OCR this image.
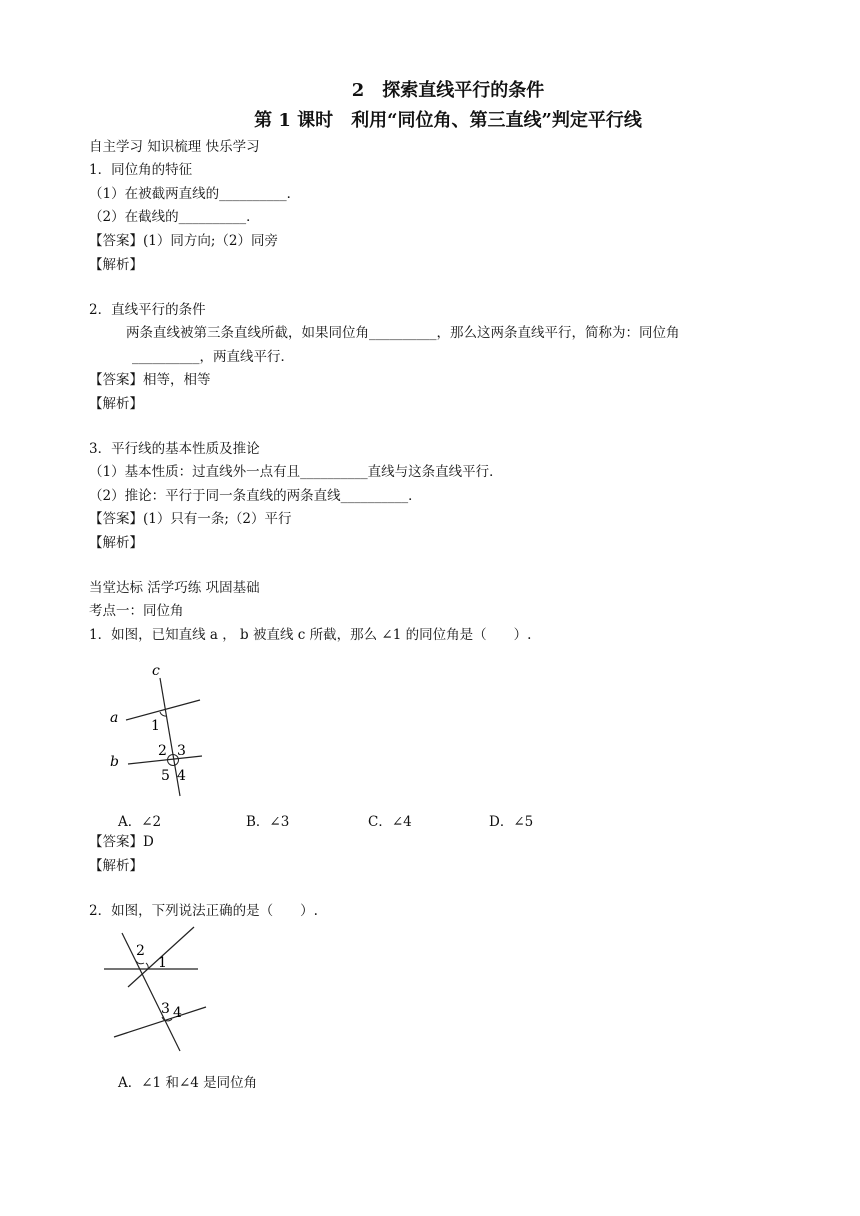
2　探索直线平行的条件
第 1 课时　利用“同位角、第三直线”判定平行线
自主学习 知识梳理 快乐学习
1．同位角的特征
（1）在被截两直线的__________．
（2）在截线的__________．
【答案】(1）同方向;（2）同旁
【解析】
2．直线平行的条件
两条直线被第三条直线所截，如果同位角__________，那么这两条直线平行，简称为：同位角
__________，两直线平行．
【答案】相等，相等
【解析】
3．平行线的基本性质及推论
（1）基本性质：过直线外一点有且__________直线与这条直线平行．
（2）推论：平行于同一条直线的两条直线__________．
【答案】(1）只有一条;（2）平行
【解析】
当堂达标 活学巧练 巩固基础
考点一：同位角
1．如图，已知直线 a ， b 被直线 c 所截，那么 ∠1 的同位角是（　　）.
c
a
b
1
2 3
5 4
A．∠2	B．∠3	C．∠4	D．∠5
【答案】D
【解析】
2．如图，下列说法正确的是（　　）.
2
1
3 4
A．∠1 和∠4 是同位角
